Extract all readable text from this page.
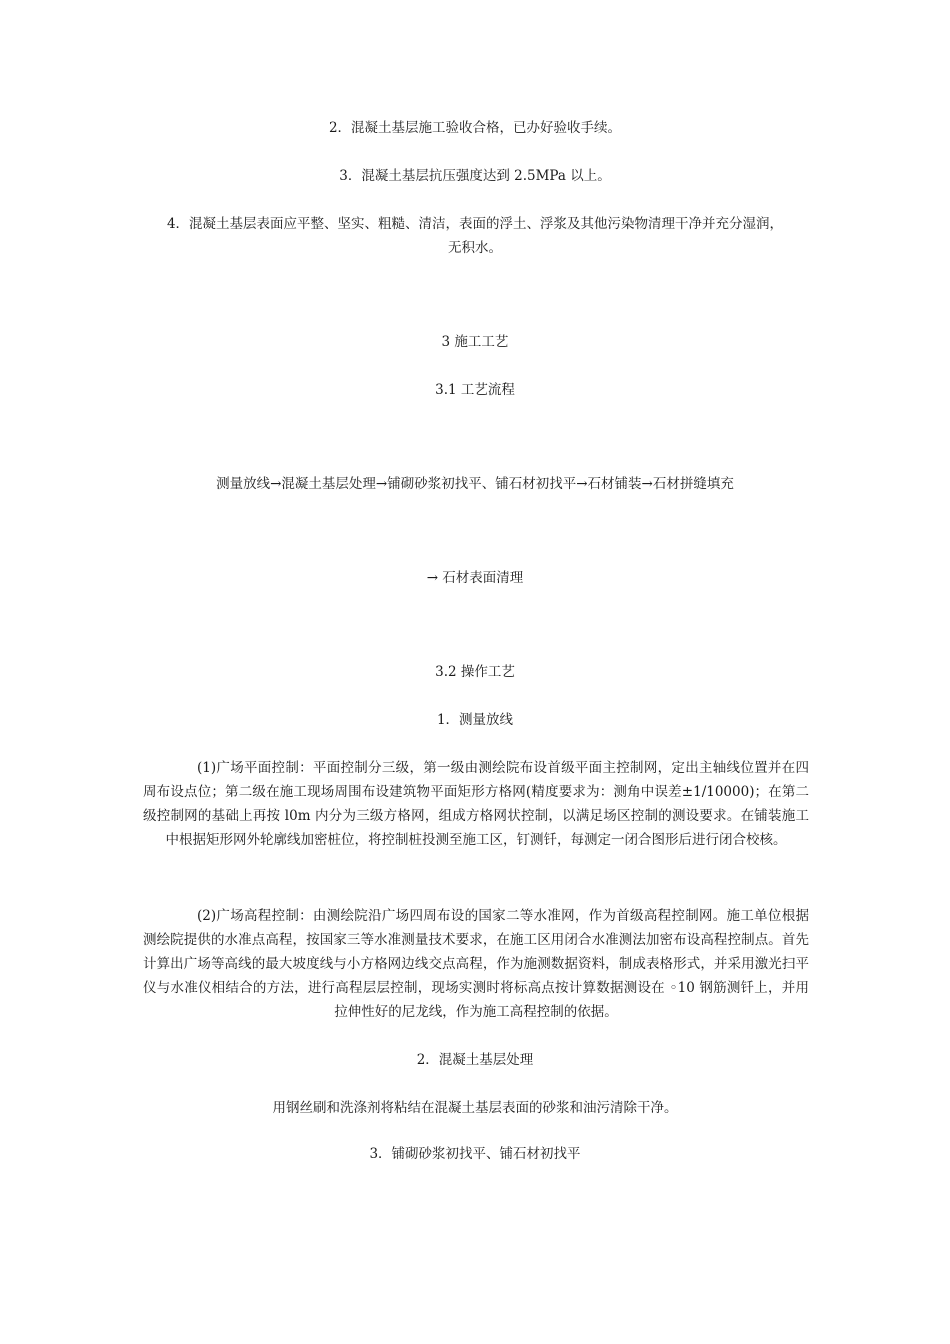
2．混凝土基层施工验收合格，已办好验收手续。
3．混凝土基层抗压强度达到 2.5MPa 以上。
4．混凝土基层表面应平整、坚实、粗糙、清洁，表面的浮土、浮浆及其他污染物清理干净并充分湿润，
无积水。
3 施工工艺
3.1 工艺流程
测量放线→混凝土基层处理→铺砌砂浆初找平、铺石材初找平→石材铺装→石材拼缝填充
→ 石材表面清理
3.2 操作工艺
1．测量放线
(1)广场平面控制：平面控制分三级，第一级由测绘院布设首级平面主控制网，定出主轴线位置并在四周布设点位；第二级在施工现场周围布设建筑物平面矩形方格网(精度要求为：测角中误差±1/10000)；在第二级控制网的基础上再按 l0m 内分为三级方格网，组成方格网状控制，以满足场区控制的测设要求。在铺装施工中根据矩形网外轮廓线加密桩位，将控制桩投测至施工区，钉测钎，每测定一闭合图形后进行闭合校核。
(2)广场高程控制：由测绘院沿广场四周布设的国家二等水准网，作为首级高程控制网。施工单位根据测绘院提供的水准点高程，按国家三等水准测量技术要求，在施工区用闭合水准测法加密布设高程控制点。首先计算出广场等高线的最大坡度线与小方格网边线交点高程，作为施测数据资料，制成表格形式，并采用激光扫平仪与水准仪相结合的方法，进行高程层层控制，现场实测时将标高点按计算数据测设在 ◦10 钢筋测钎上，并用拉伸性好的尼龙线，作为施工高程控制的依据。
2．混凝土基层处理
用钢丝刷和洗涤剂将粘结在混凝土基层表面的砂浆和油污清除干净。
3．铺砌砂浆初找平、铺石材初找平
